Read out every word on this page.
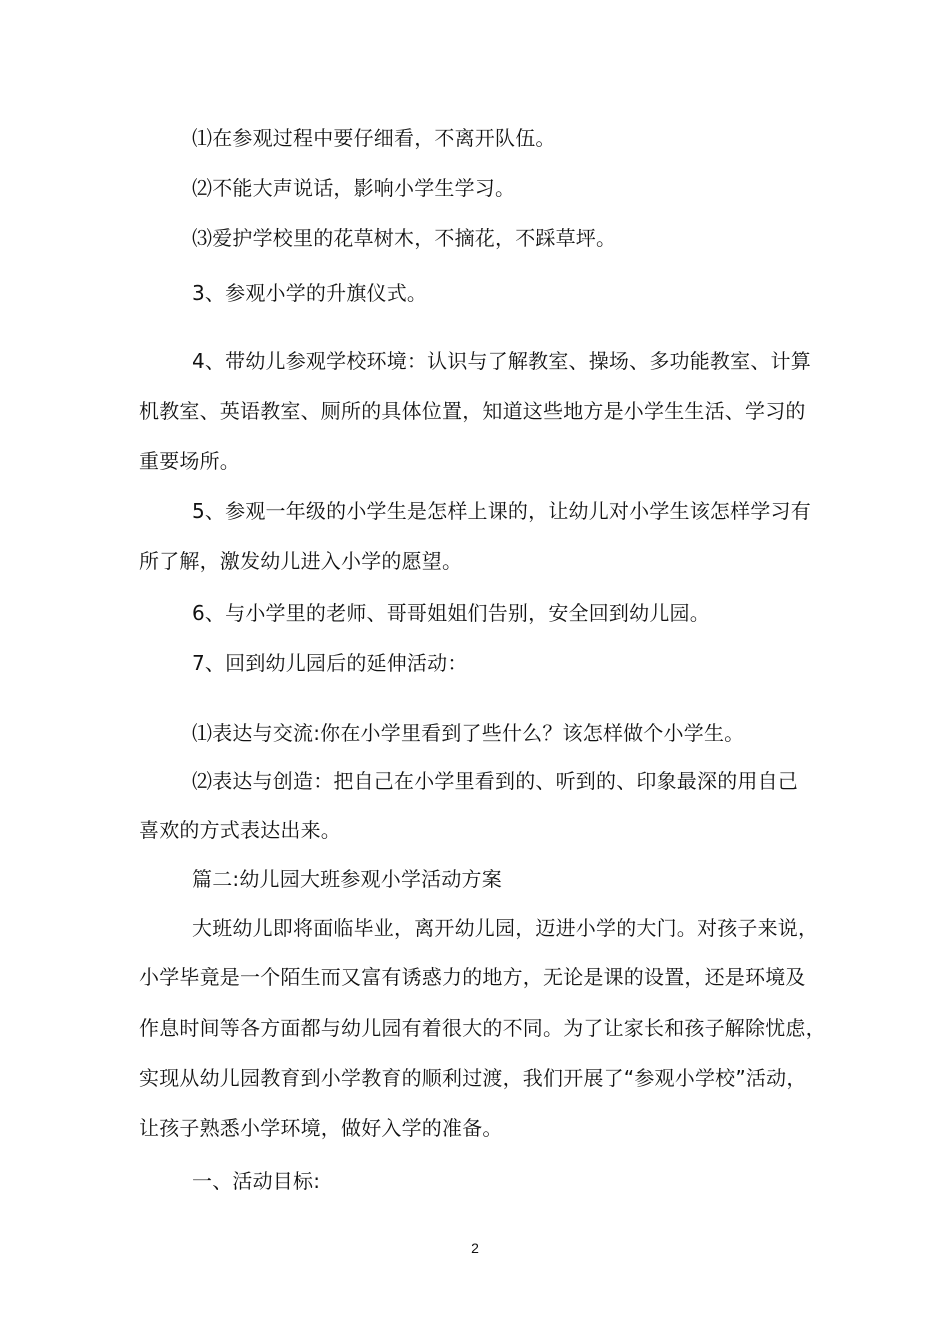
⑴在参观过程中要仔细看，不离开队伍。
⑵不能大声说话，影响小学生学习。
⑶爱护学校里的花草树木，不摘花，不踩草坪。
3、参观小学的升旗仪式。
4、带幼儿参观学校环境：认识与了解教室、操场、多功能教室、计算
机教室、英语教室、厕所的具体位置，知道这些地方是小学生生活、学习的
重要场所。
5、参观一年级的小学生是怎样上课的，让幼儿对小学生该怎样学习有
所了解，激发幼儿进入小学的愿望。
6、与小学里的老师、哥哥姐姐们告别，安全回到幼儿园。
7、回到幼儿园后的延伸活动：
⑴表达与交流:你在小学里看到了些什么？该怎样做个小学生。
⑵表达与创造：把自己在小学里看到的、听到的、印象最深的用自己
喜欢的方式表达出来。
篇二:幼儿园大班参观小学活动方案
大班幼儿即将面临毕业，离开幼儿园，迈进小学的大门。对孩子来说，
小学毕竟是一个陌生而又富有诱惑力的地方，无论是课的设置，还是环境及
作息时间等各方面都与幼儿园有着很大的不同。为了让家长和孩子解除忧虑，
实现从幼儿园教育到小学教育的顺利过渡，我们开展了“参观小学校”活动，
让孩子熟悉小学环境，做好入学的准备。
一、活动目标:
2
